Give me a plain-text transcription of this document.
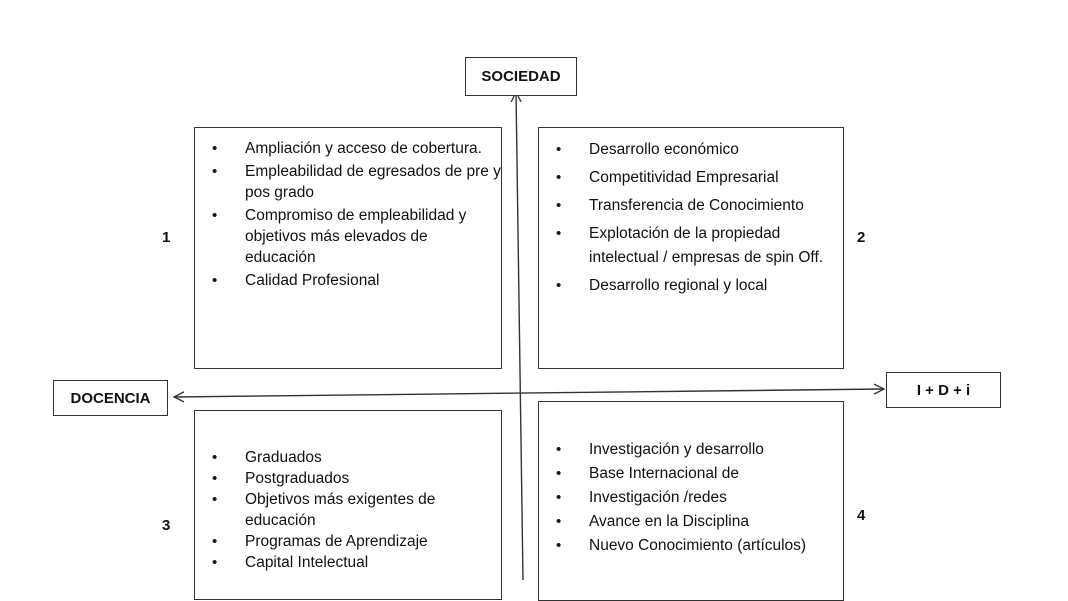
SOCIEDAD
DOCENCIA	I + D + i
1	2
3
4
• Ampliación y acceso de cobertura.
• Empleabilidad de egresados de pre y pos grado
• Compromiso de empleabilidad y objetivos más elevados de educación
• Calidad Profesional
• Desarrollo económico
• Competitividad Empresarial
• Transferencia de Conocimiento
• Explotación de la propiedad intelectual / empresas de spin Off.
• Desarrollo regional y local
• Graduados
• Postgraduados
• Objetivos más exigentes de educación
• Programas de Aprendizaje
• Capital Intelectual
• Investigación y desarrollo
• Base Internacional de
• Investigación /redes
• Avance en la Disciplina
• Nuevo Conocimiento (artículos)
